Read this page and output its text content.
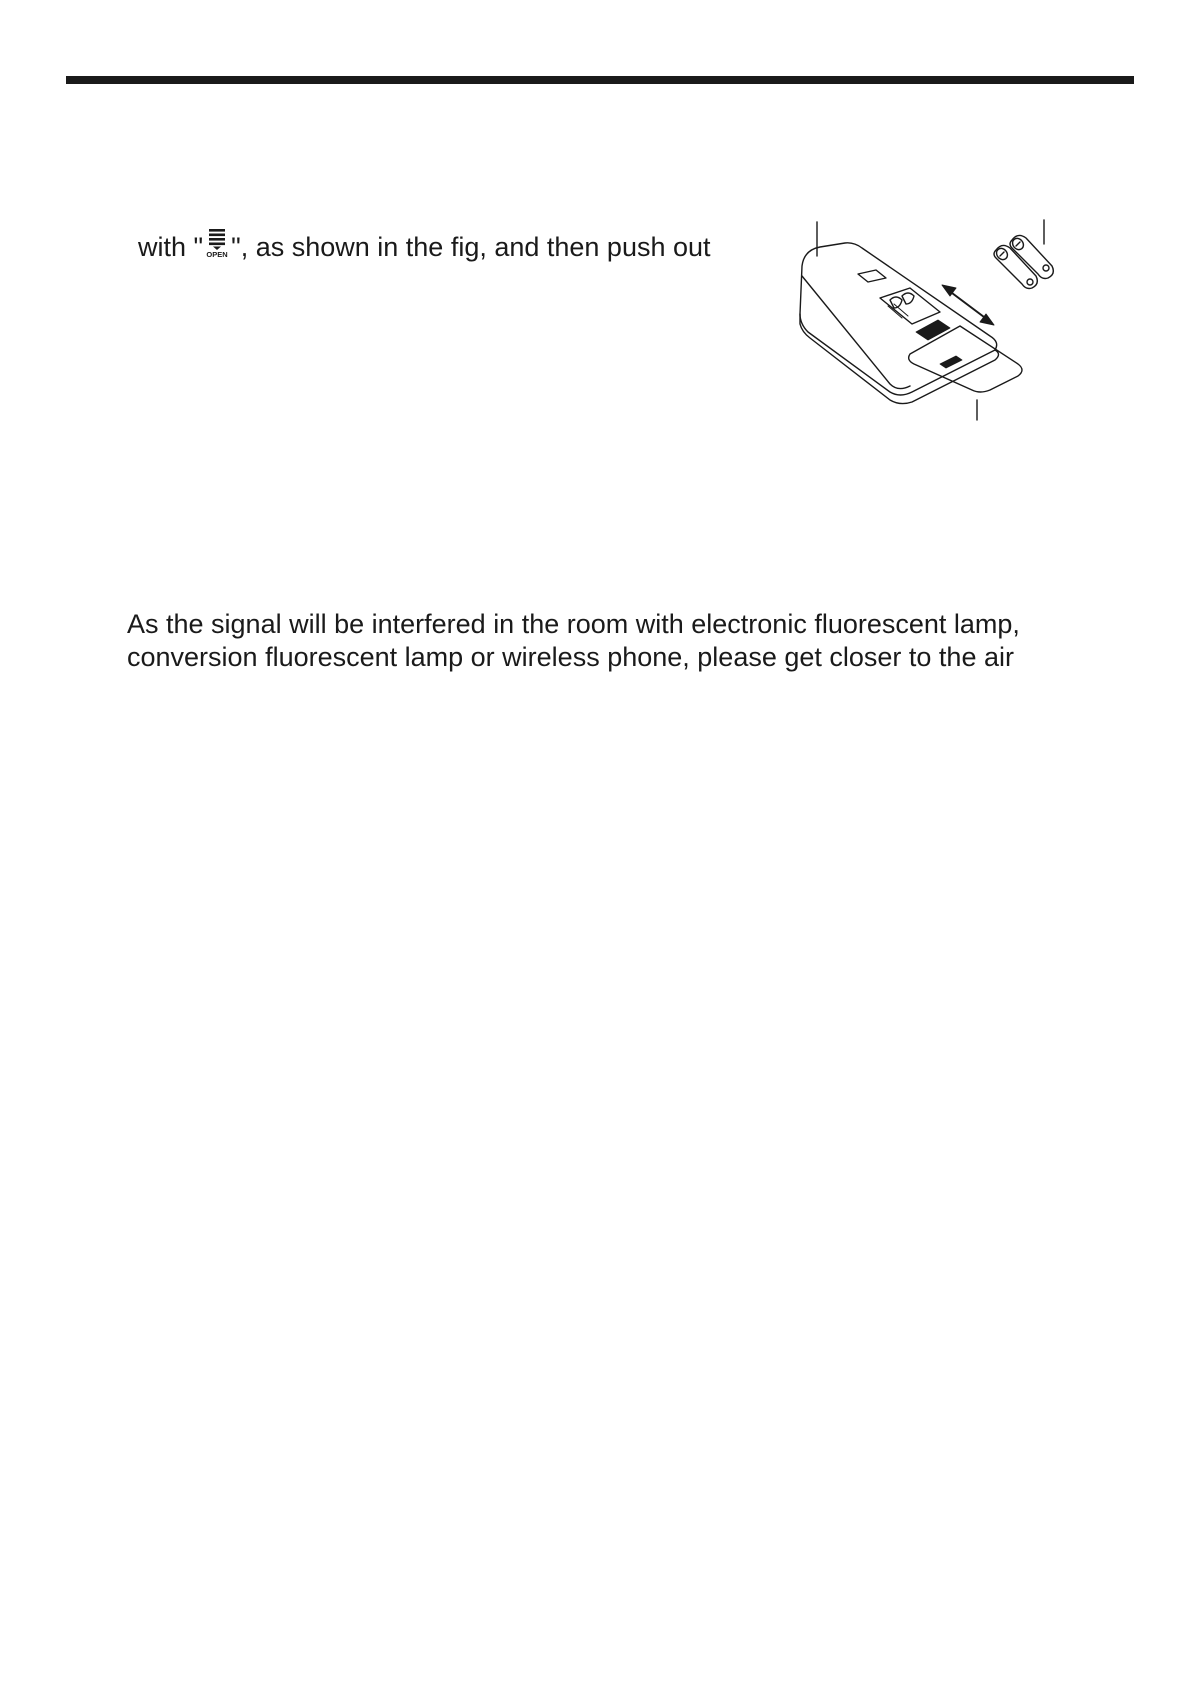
with " OPEN ", as shown in the fig, and then push out
As the signal will be interfered in the room with electronic fluorescent lamp,
conversion fluorescent lamp or wireless phone, please get closer to the air
